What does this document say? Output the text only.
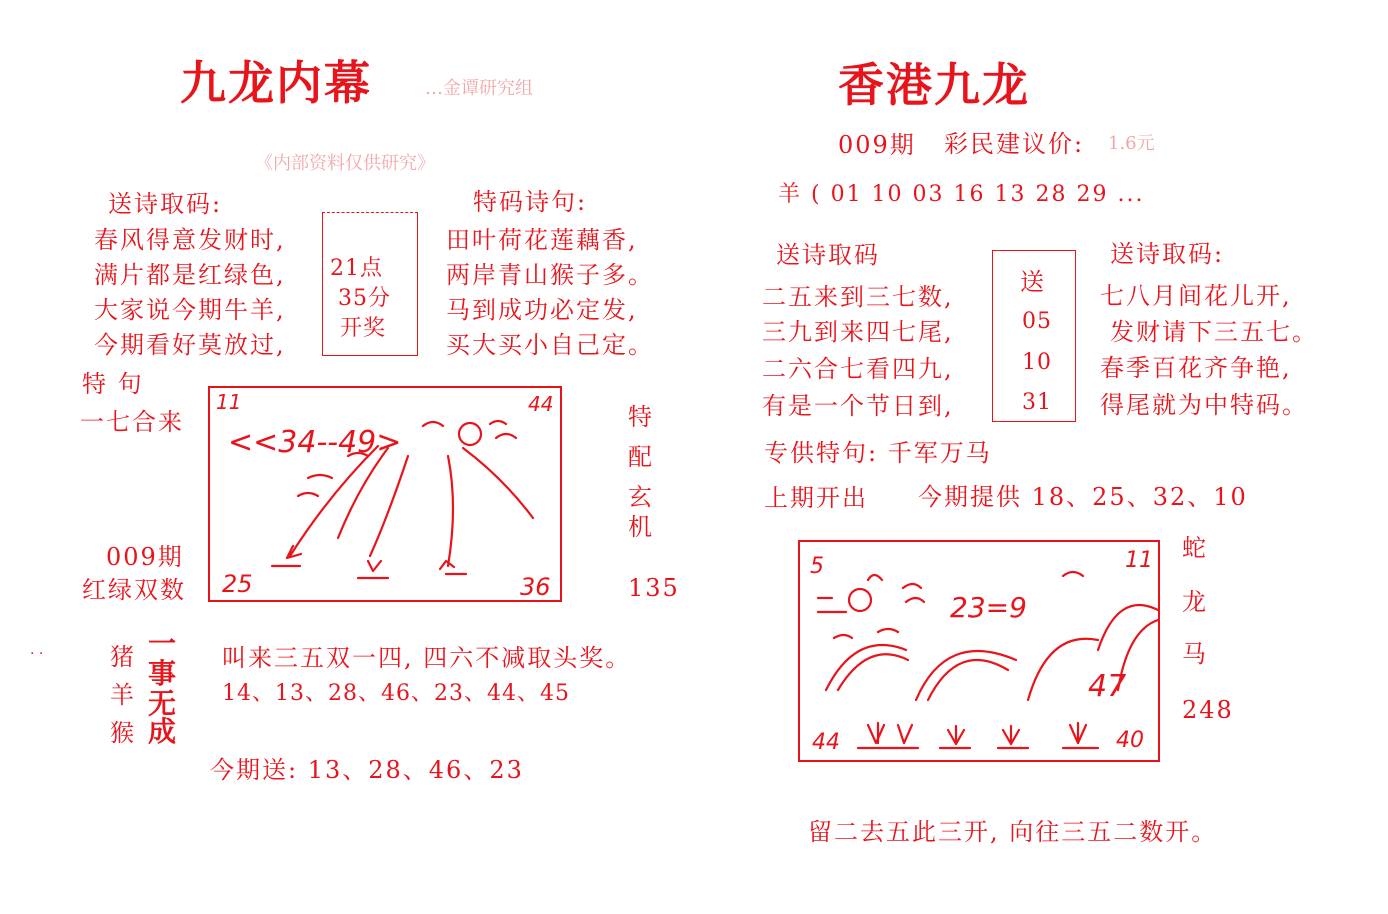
九龙内幕	…金谭研究组
《内部资料仅供研究》
送诗取码:	特码诗句:
春风得意发财时,
满片都是红绿色,
大家说今期牛羊,
今期看好莫放过,
21点
35分
开奖
田叶荷花莲藕香,
两岸青山猴子多。
马到成功必定发,
买大买小自己定。
特 句
一七合来
11	44
<<34--49>
25	36
特
配
玄
机
009期
红绿双数	135
. .	猪
羊
猴
一
事
无
成
叫来三五双一四, 四六不减取头奖。
14、13、28、46、23、44、45
今期送: 13、28、46、23
香港九龙
009期 彩民建议价: 1.6元
羊 ( 01 10 03 16 13 28 29 ...
送诗取码	送诗取码:
二五来到三七数,
三九到来四七尾,
二六合七看四九,
有是一个节日到,
送
05
10
31
七八月间花儿开,
发财请下三五七。
春季百花齐争艳,
得尾就为中特码。
专供特句: 千军万马
上期开出 今期提供 18、25、32、10
5	11
23=9
47
44	40
蛇
龙
马
248
留二去五此三开, 向往三五二数开。
